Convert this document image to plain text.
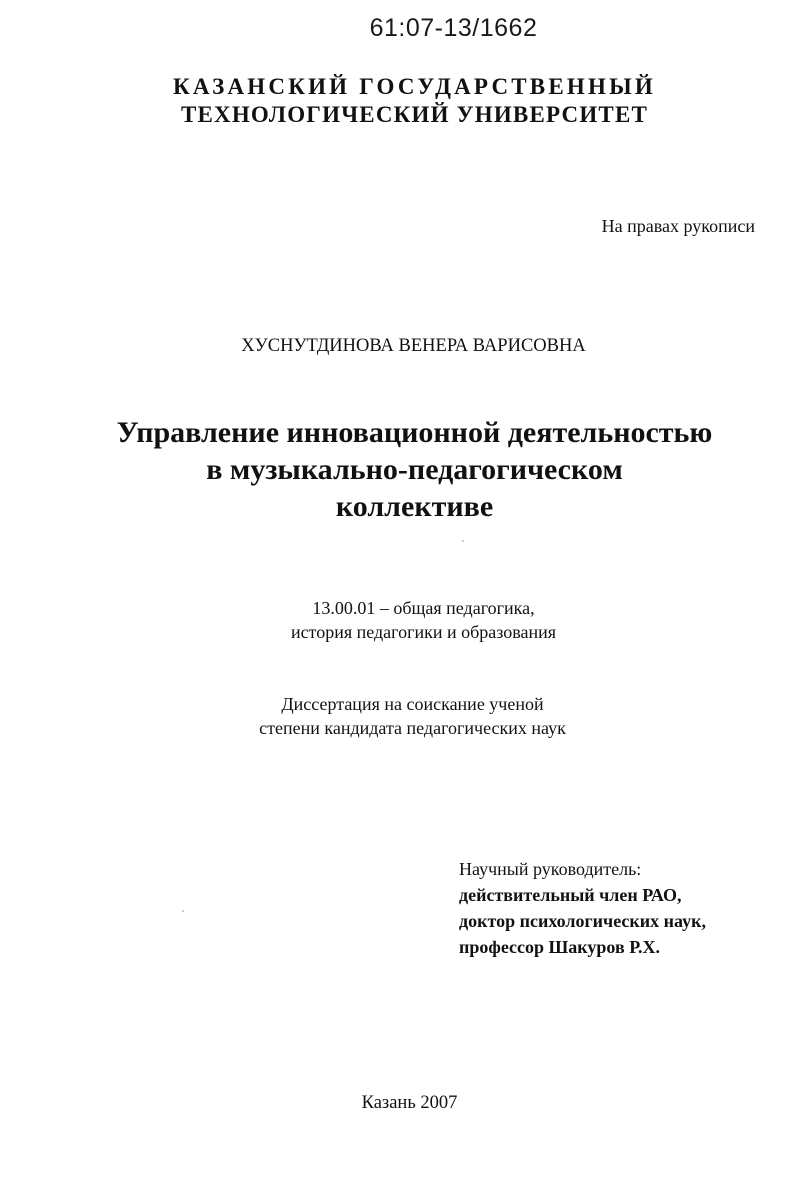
61:07-13/1662
КАЗАНСКИЙ ГОСУДАРСТВЕННЫЙ
ТЕХНОЛОГИЧЕСКИЙ УНИВЕРСИТЕТ
На правах рукописи
ХУСНУТДИНОВА ВЕНЕРА ВАРИСОВНА
Управление инновационной деятельностью
в музыкально-педагогическом
коллективе
13.00.01 – общая педагогика,
история педагогики и образования
Диссертация на соискание ученой
степени кандидата педагогических наук
Научный руководитель:
действительный член РАО,
доктор психологических наук,
профессор Шакуров Р.Х.
Казань 2007
